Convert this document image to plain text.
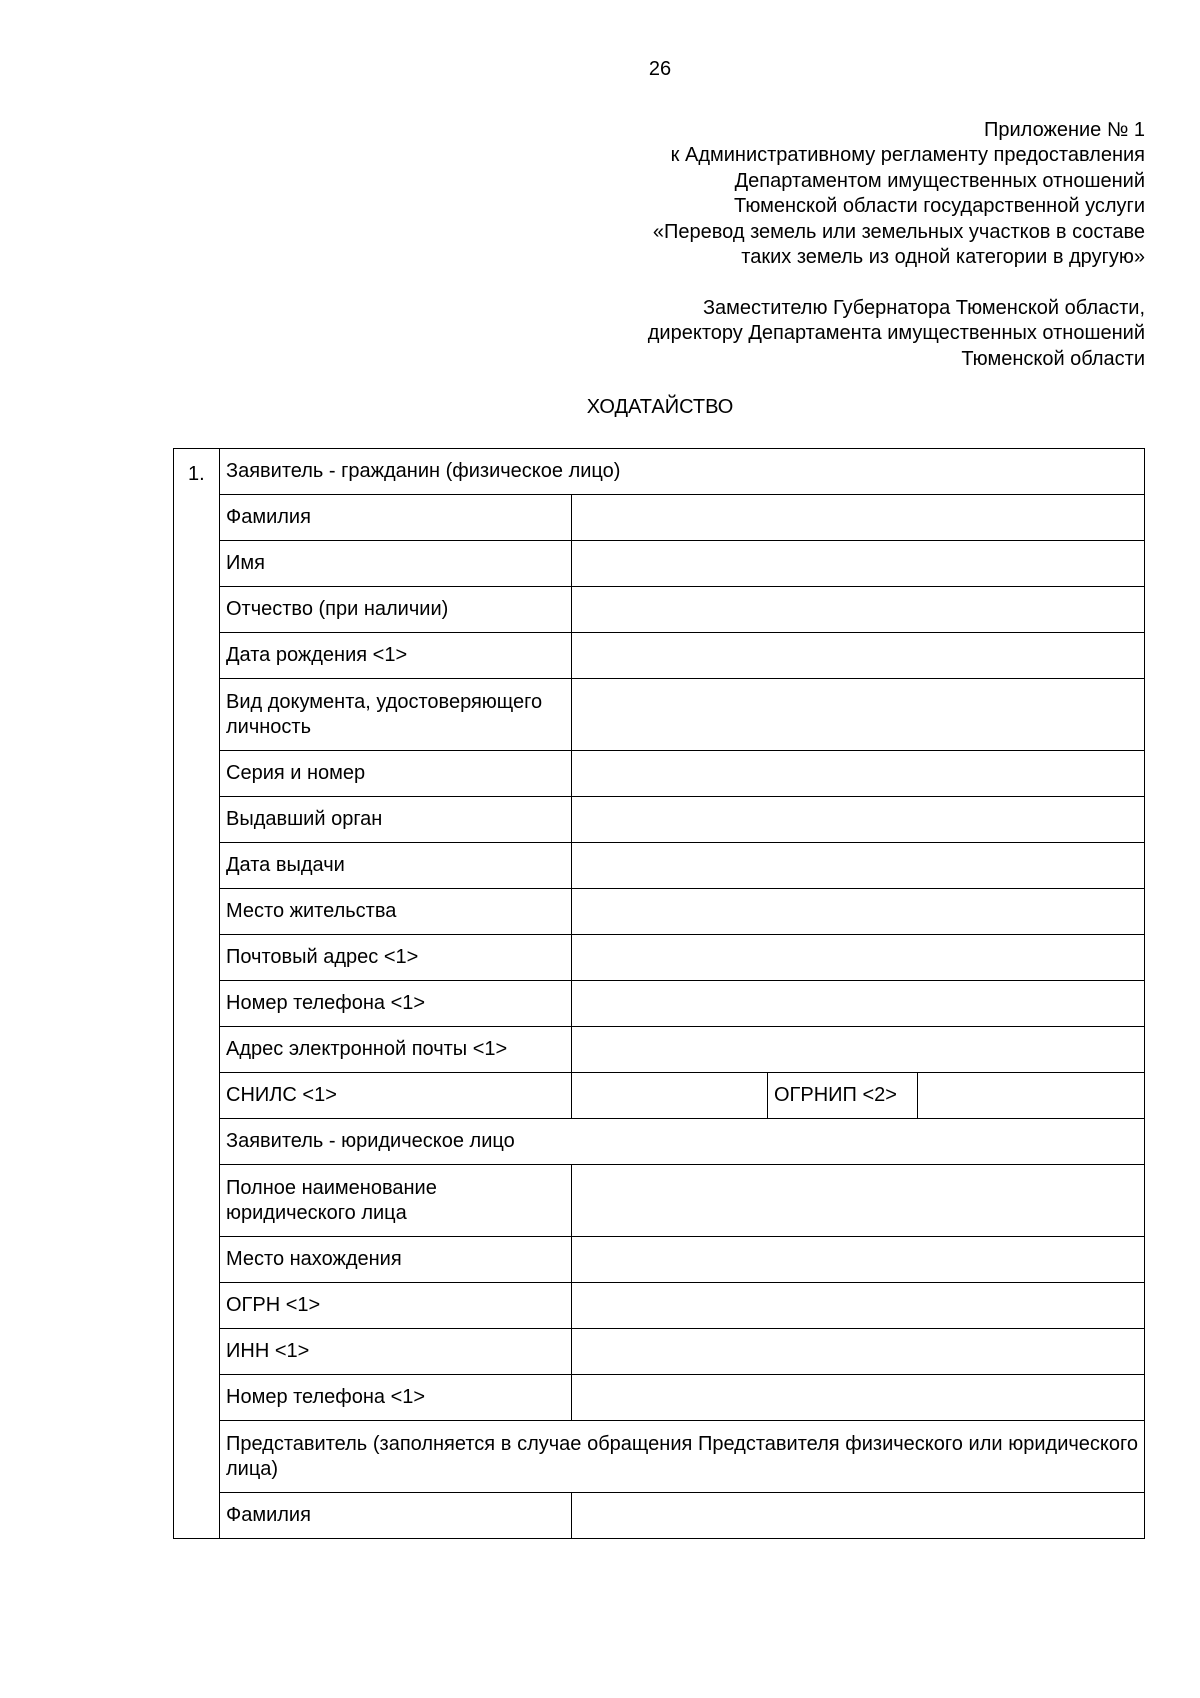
26
Приложение № 1
к Административному регламенту предоставления
Департаментом имущественных отношений
Тюменской области государственной услуги
«Перевод земель или земельных участков в составе
таких земель из одной категории в другую»
Заместителю Губернатора Тюменской области,
директору Департамента имущественных отношений
Тюменской области
ХОДАТАЙСТВО
1.	Заявитель - гражданин (физическое лицо)			
	Фамилия			
	Имя			
	Отчество (при наличии)			
	Дата рождения <1>			
	Вид документа, удостоверяющего личность			
	Серия и номер			
	Выдавший орган			
	Дата выдачи			
	Место жительства			
	Почтовый адрес <1>			
	Номер телефона <1>			
	Адрес электронной почты <1>			
	СНИЛС <1>		ОГРНИП <2>	
	Заявитель - юридическое лицо			
	Полное наименование юридического лица			
	Место нахождения			
	ОГРН <1>			
	ИНН <1>			
	Номер телефона <1>			
	Представитель (заполняется в случае обращения Представителя физического или юридического лица)			
	Фамилия			
